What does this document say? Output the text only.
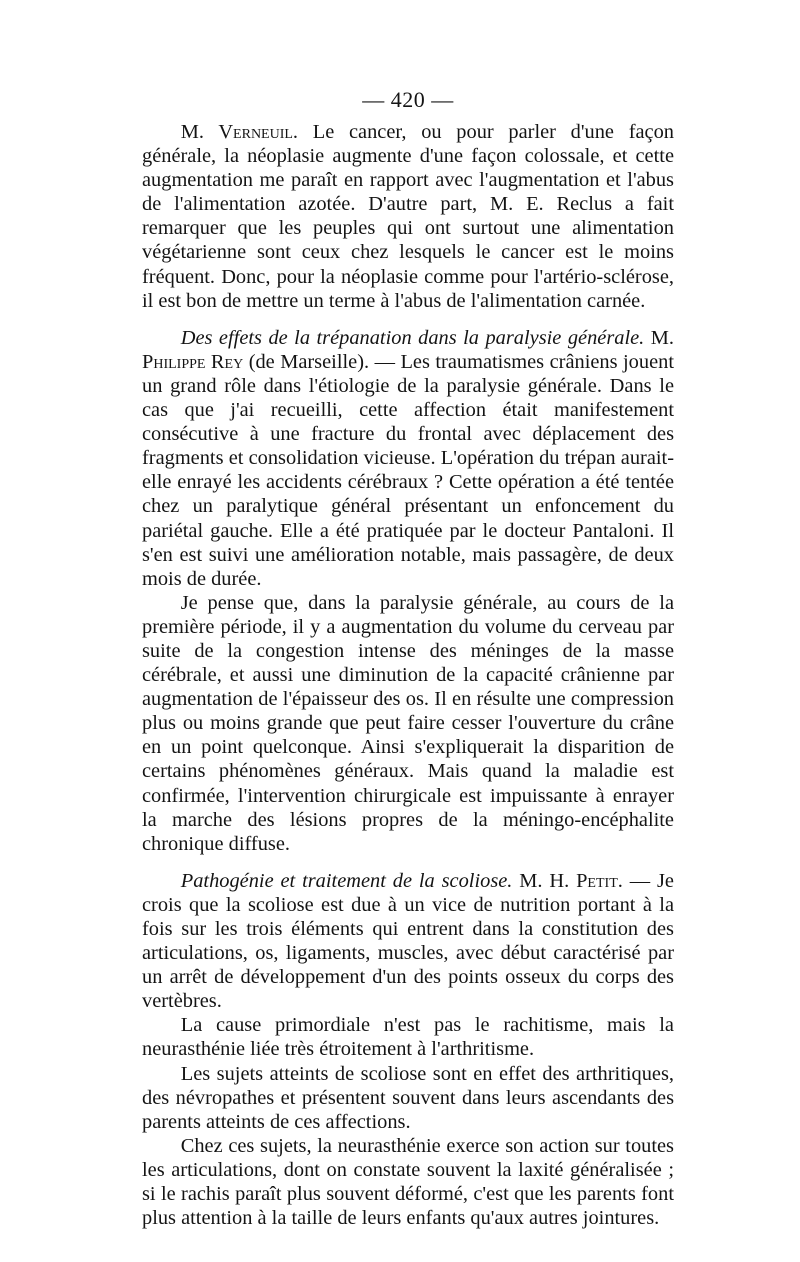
— 420 —

M. Verneuil. Le cancer, ou pour parler d'une façon générale, la néoplasie augmente d'une façon colossale, et cette augmentation me paraît en rapport avec l'augmentation et l'abus de l'alimentation azotée. D'autre part, M. E. Reclus a fait remarquer que les peuples qui ont surtout une alimentation végétarienne sont ceux chez lesquels le cancer est le moins fréquent. Donc, pour la néoplasie comme pour l'artério-sclérose, il est bon de mettre un terme à l'abus de l'alimentation carnée.

Des effets de la trépanation dans la paralysie générale. M. Philippe Rey (de Marseille). — Les traumatismes crâniens jouent un grand rôle dans l'étiologie de la paralysie générale. Dans le cas que j'ai recueilli, cette affection était manifestement consécutive à une fracture du frontal avec déplacement des fragments et consolidation vicieuse. L'opération du trépan aurait-elle enrayé les accidents cérébraux ? Cette opération a été tentée chez un paralytique général présentant un enfoncement du pariétal gauche. Elle a été pratiquée par le docteur Pantaloni. Il s'en est suivi une amélioration notable, mais passagère, de deux mois de durée.

Je pense que, dans la paralysie générale, au cours de la première période, il y a augmentation du volume du cerveau par suite de la congestion intense des méninges de la masse cérébrale, et aussi une diminution de la capacité crânienne par augmentation de l'épaisseur des os. Il en résulte une compression plus ou moins grande que peut faire cesser l'ouverture du crâne en un point quelconque. Ainsi s'expliquerait la disparition de certains phénomènes généraux. Mais quand la maladie est confirmée, l'intervention chirurgicale est impuissante à enrayer la marche des lésions propres de la méningo-encéphalite chronique diffuse.

Pathogénie et traitement de la scoliose. M. H. Petit. — Je crois que la scoliose est due à un vice de nutrition portant à la fois sur les trois éléments qui entrent dans la constitution des articulations, os, ligaments, muscles, avec début caractérisé par un arrêt de développement d'un des points osseux du corps des vertèbres.

La cause primordiale n'est pas le rachitisme, mais la neurasthénie liée très étroitement à l'arthritisme.

Les sujets atteints de scoliose sont en effet des arthritiques, des névropathes et présentent souvent dans leurs ascendants des parents atteints de ces affections.

Chez ces sujets, la neurasthénie exerce son action sur toutes les articulations, dont on constate souvent la laxité généralisée ; si le rachis paraît plus souvent déformé, c'est que les parents font plus attention à la taille de leurs enfants qu'aux autres jointures.
